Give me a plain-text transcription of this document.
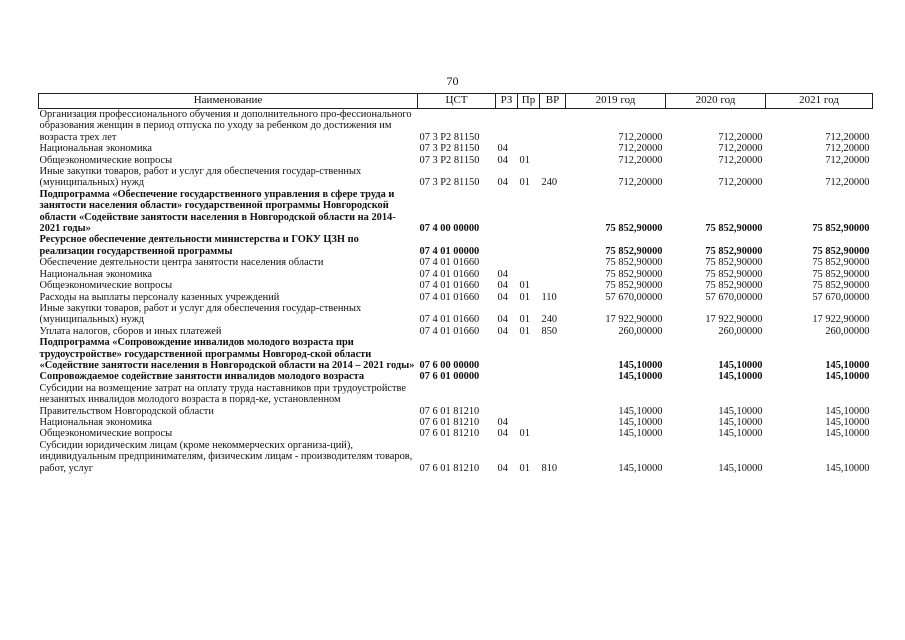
70
Наименование	ЦСТ	РЗ	Пр	ВР	2019 год	2020 год	2021 год
Организация профессионального обучения и дополнительного про-фессионального образования женщин в период отпуска по уходу за ребенком до достижения им возраста трех лет	07 3 P2 81150				712,20000	712,20000	712,20000
Национальная экономика	07 3 P2 81150	04			712,20000	712,20000	712,20000
Общеэкономические вопросы	07 3 P2 81150	04	01		712,20000	712,20000	712,20000
Иные закупки товаров, работ и услуг для обеспечения государ-ственных (муниципальных) нужд	07 3 P2 81150	04	01	240	712,20000	712,20000	712,20000
Подпрограмма «Обеспечение государственного управления в сфере труда и занятости населения области» государственной программы Новгородской области «Содействие занятости населения в Новгородской области на 2014-2021 годы»	07 4 00 00000				75 852,90000	75 852,90000	75 852,90000
Ресурсное обеспечение деятельности министерства и ГОКУ ЦЗН по реализации государственной программы	07 4 01 00000				75 852,90000	75 852,90000	75 852,90000
Обеспечение деятельности центра занятости населения области	07 4 01 01660				75 852,90000	75 852,90000	75 852,90000
Национальная экономика	07 4 01 01660	04			75 852,90000	75 852,90000	75 852,90000
Общеэкономические вопросы	07 4 01 01660	04	01		75 852,90000	75 852,90000	75 852,90000
Расходы на выплаты персоналу казенных учреждений	07 4 01 01660	04	01	110	57 670,00000	57 670,00000	57 670,00000
Иные закупки товаров, работ и услуг для обеспечения государ-ственных (муниципальных) нужд	07 4 01 01660	04	01	240	17 922,90000	17 922,90000	17 922,90000
Уплата налогов, сборов и иных платежей	07 4 01 01660	04	01	850	260,00000	260,00000	260,00000
Подпрограмма «Сопровождение инвалидов молодого возраста при трудоустройстве» государственной программы Новгород-ской области «Содействие занятости населения в Новгородской области на 2014 – 2021 годы»	07 6 00 00000				145,10000	145,10000	145,10000
Сопровождаемое содействие занятости инвалидов молодого возраста	07 6 01 00000				145,10000	145,10000	145,10000
Субсидии на возмещение затрат на оплату труда наставников при трудоустройстве незанятых инвалидов молодого возраста в поряд-ке, установленном Правительством Новгородской области	07 6 01 81210				145,10000	145,10000	145,10000
Национальная экономика	07 6 01 81210	04			145,10000	145,10000	145,10000
Общеэкономические вопросы	07 6 01 81210	04	01		145,10000	145,10000	145,10000
Субсидии юридическим лицам (кроме некоммерческих организа-ций), индивидуальным предпринимателям, физическим лицам - производителям товаров, работ, услуг	07 6 01 81210	04	01	810	145,10000	145,10000	145,10000
